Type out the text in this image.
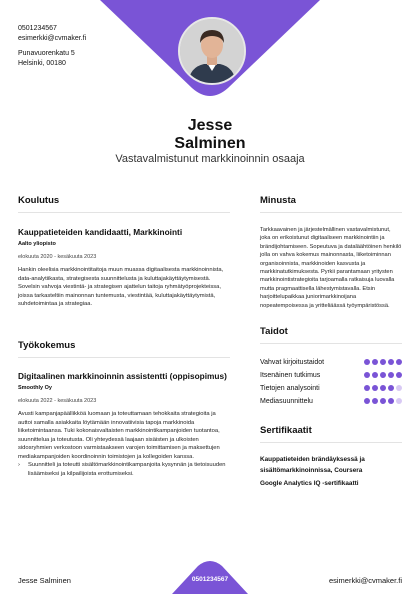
0501234567
esimerkki@cvmaker.fi
Punavuorenkatu 5
Helsinki, 00180
Jesse
Salminen
Vastavalmistunut markkinoinnin osaaja
Koulutus
Kauppatieteiden kandidaatti, Markkinointi
Aalto yliopisto
elokuuta 2020 - kesäkuuta 2023

Hankin oleelisia markkinointitaitoja muun muassa digitaalisesta markkinoinnista, data-analytiikasta, strategisesta suunnittelusta ja kuluttajakäyttäytymisestä. Sovelsin vahvoja viestintä- ja strategisen ajattelun taitoja ryhmätyöprojekteissa, joissa tarkasteltiin mainonnan tuntemusta, viestintää, kuluttajakäyttäytymistä, suhdetoimintaa ja strategiaa.

Työkokemus
Digitaalinen markkinoinnin assistentti (oppisopimus)
Smoothly Oy
elokuuta 2022 - kesäkuuta 2023

Avusti kampanjapäällikköä luomaan ja toteuttamaan tehokkaita strategioita ja auttoi samalla asiakkaita löytämään innovatiivisia tapoja markkinoida liiketoimintaansa. Tuki kokonaisvaltaisten markkinointikampanjoiden tuotantoa, suunnittelua ja toteutusta. Oli yhteydessä laajaan sisäisten ja ulkoisten sidosryhmien verkostoon varmistaakseen varojen toimittamisen ja maksettujen mediakampanjoiden koordinoinnin toimistojen ja kollegoiden kanssa.

›	Suunnitteli ja toteutti sisältömarkkinointikampanjoita kysynnän ja tietoisuuden lisäämiseksi ja kilpailijoista erottumiseksi.
Minusta

Tarkkaavainen ja järjestelmällinen vastavalmistunut, joka on erikoistunut digitaaliseen markkinointiin ja brändijohtamiseen. Sopeutuva ja dataläähtöinen henkilö jolla on vahva kokemus mainonnasta, liiketoiminnan organisoinnista, markkinoiden kasvusta ja markkinatutkimuksesta. Pyrkii parantamaan yritysten markkinointistrategioita tarjoamalla ratkaisuja luovalla mutta pragmaattisella lähestymistavalla. Etsin harjoittelupaikkaa juniorimarkkinoijana nopeatempoisessa ja yritteliäässä työympäristössä.

Taidot
Vahvat kirjoitustaidot
Itsenäinen tutkimus
Tietojen analysointi
Mediasuunnittelu
Sertifikaatit
Kauppatieteiden brändäyksessä ja sisältömarkkinoinnissa, Coursera
Google Analytics IQ -sertifikaatti
Jesse Salminen	0501234567	esimerkki@cvmaker.fi
